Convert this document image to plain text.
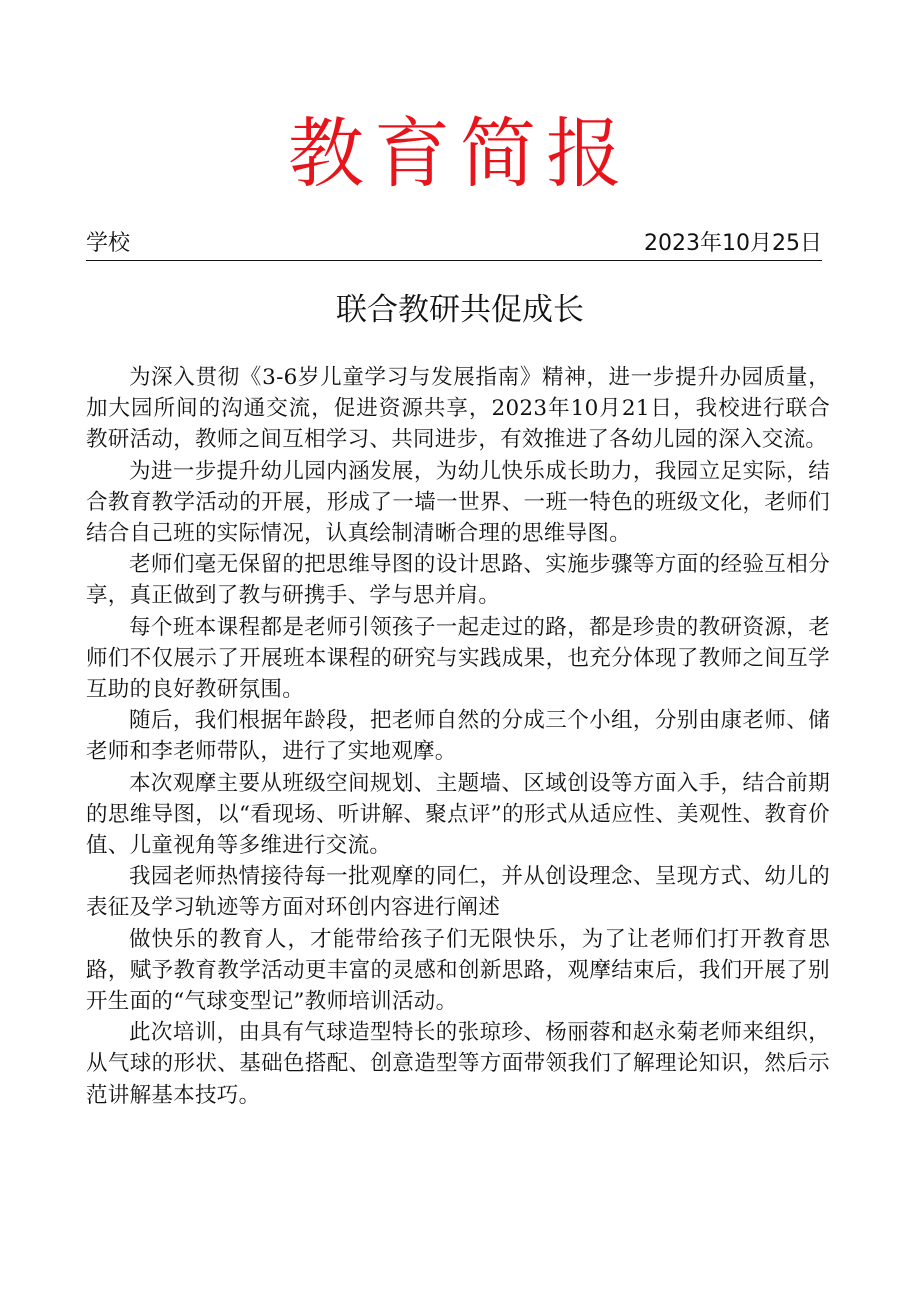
教育简报
学校	2023年10月25日
联合教研共促成长

为深入贯彻《3-6岁儿童学习与发展指南》精神，进一步提升办园质量，加大园所间的沟通交流，促进资源共享，2023年10月21日，我校进行联合教研活动，教师之间互相学习、共同进步，有效推进了各幼儿园的深入交流。

为进一步提升幼儿园内涵发展，为幼儿快乐成长助力，我园立足实际，结合教育教学活动的开展，形成了一墙一世界、一班一特色的班级文化，老师们结合自己班的实际情况，认真绘制清晰合理的思维导图。

老师们毫无保留的把思维导图的设计思路、实施步骤等方面的经验互相分享，真正做到了教与研携手、学与思并肩。

每个班本课程都是老师引领孩子一起走过的路，都是珍贵的教研资源，老师们不仅展示了开展班本课程的研究与实践成果，也充分体现了教师之间互学互助的良好教研氛围。

随后，我们根据年龄段，把老师自然的分成三个小组，分别由康老师、储老师和李老师带队，进行了实地观摩。

本次观摩主要从班级空间规划、主题墙、区域创设等方面入手，结合前期的思维导图，以“看现场、听讲解、聚点评”的形式从适应性、美观性、教育价值、儿童视角等多维进行交流。

我园老师热情接待每一批观摩的同仁，并从创设理念、呈现方式、幼儿的表征及学习轨迹等方面对环创内容进行阐述

做快乐的教育人，才能带给孩子们无限快乐，为了让老师们打开教育思路，赋予教育教学活动更丰富的灵感和创新思路，观摩结束后，我们开展了别开生面的“气球变型记”教师培训活动。

此次培训，由具有气球造型特长的张琼珍、杨丽蓉和赵永菊老师来组织，从气球的形状、基础色搭配、创意造型等方面带领我们了解理论知识，然后示范讲解基本技巧。
